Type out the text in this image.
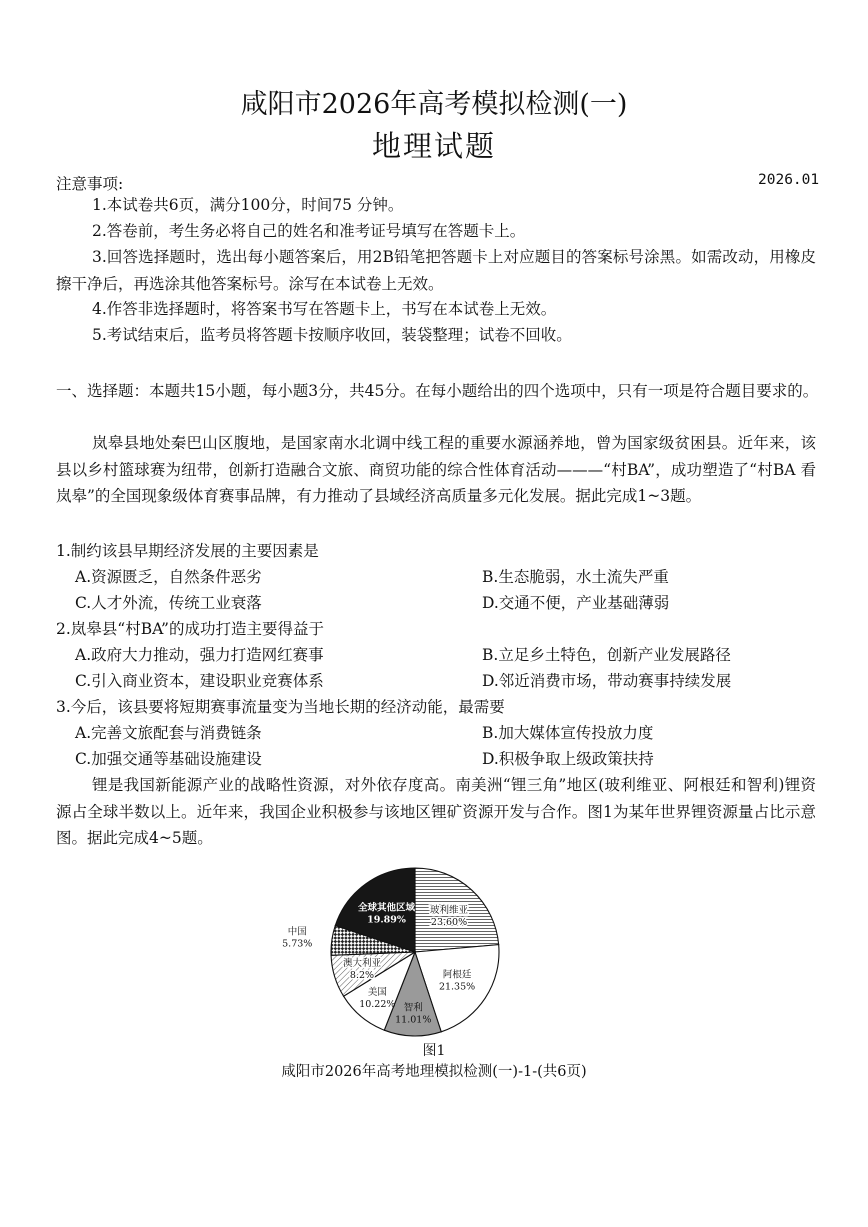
咸阳市2026年高考模拟检测(一)
地理试题
注意事项:	2026.01
1.本试卷共6页，满分100分，时间75 分钟。
2.答卷前，考生务必将自己的姓名和准考证号填写在答题卡上。
3.回答选择题时，选出每小题答案后，用2B铅笔把答题卡上对应题目的答案标号涂黑。如需改动，用橡皮擦干净后，再选涂其他答案标号。涂写在本试卷上无效。
4.作答非选择题时，将答案书写在答题卡上，书写在本试卷上无效。
5.考试结束后，监考员将答题卡按顺序收回，装袋整理；试卷不回收。
一、选择题：本题共15小题，每小题3分，共45分。在每小题给出的四个选项中，只有一项是符合题目要求的。
岚皋县地处秦巴山区腹地，是国家南水北调中线工程的重要水源涵养地，曾为国家级贫困县。近年来，该县以乡村篮球赛为纽带，创新打造融合文旅、商贸功能的综合性体育活动———“村BA”，成功塑造了“村BA 看岚皋”的全国现象级体育赛事品牌，有力推动了县域经济高质量多元化发展。据此完成1~3题。
1.制约该县早期经济发展的主要因素是
A.资源匮乏，自然条件恶劣	B.生态脆弱，水土流失严重
C.人才外流，传统工业衰落	D.交通不便，产业基础薄弱
2.岚皋县“村BA”的成功打造主要得益于
A.政府大力推动，强力打造网红赛事	B.立足乡土特色，创新产业发展路径
C.引入商业资本，建设职业竞赛体系	D.邻近消费市场，带动赛事持续发展
3.今后，该县要将短期赛事流量变为当地长期的经济动能，最需要
A.完善文旅配套与消费链条	B.加大媒体宣传投放力度
C.加强交通等基础设施建设	D.积极争取上级政策扶持
锂是我国新能源产业的战略性资源，对外依存度高。南美洲“锂三角”地区(玻利维亚、阿根廷和智利)锂资源占全球半数以上。近年来，我国企业积极参与该地区锂矿资源开发与合作。图1为某年世界锂资源量占比示意图。据此完成4~5题。
玻利维亚
23.60%
阿根廷
21.35%
智利
11.01%
美国
10.22%
澳大利亚
8.2%
中国
5.73%
全球其他区域
19.89%
图1
咸阳市2026年高考地理模拟检测(一)-1-(共6页)
